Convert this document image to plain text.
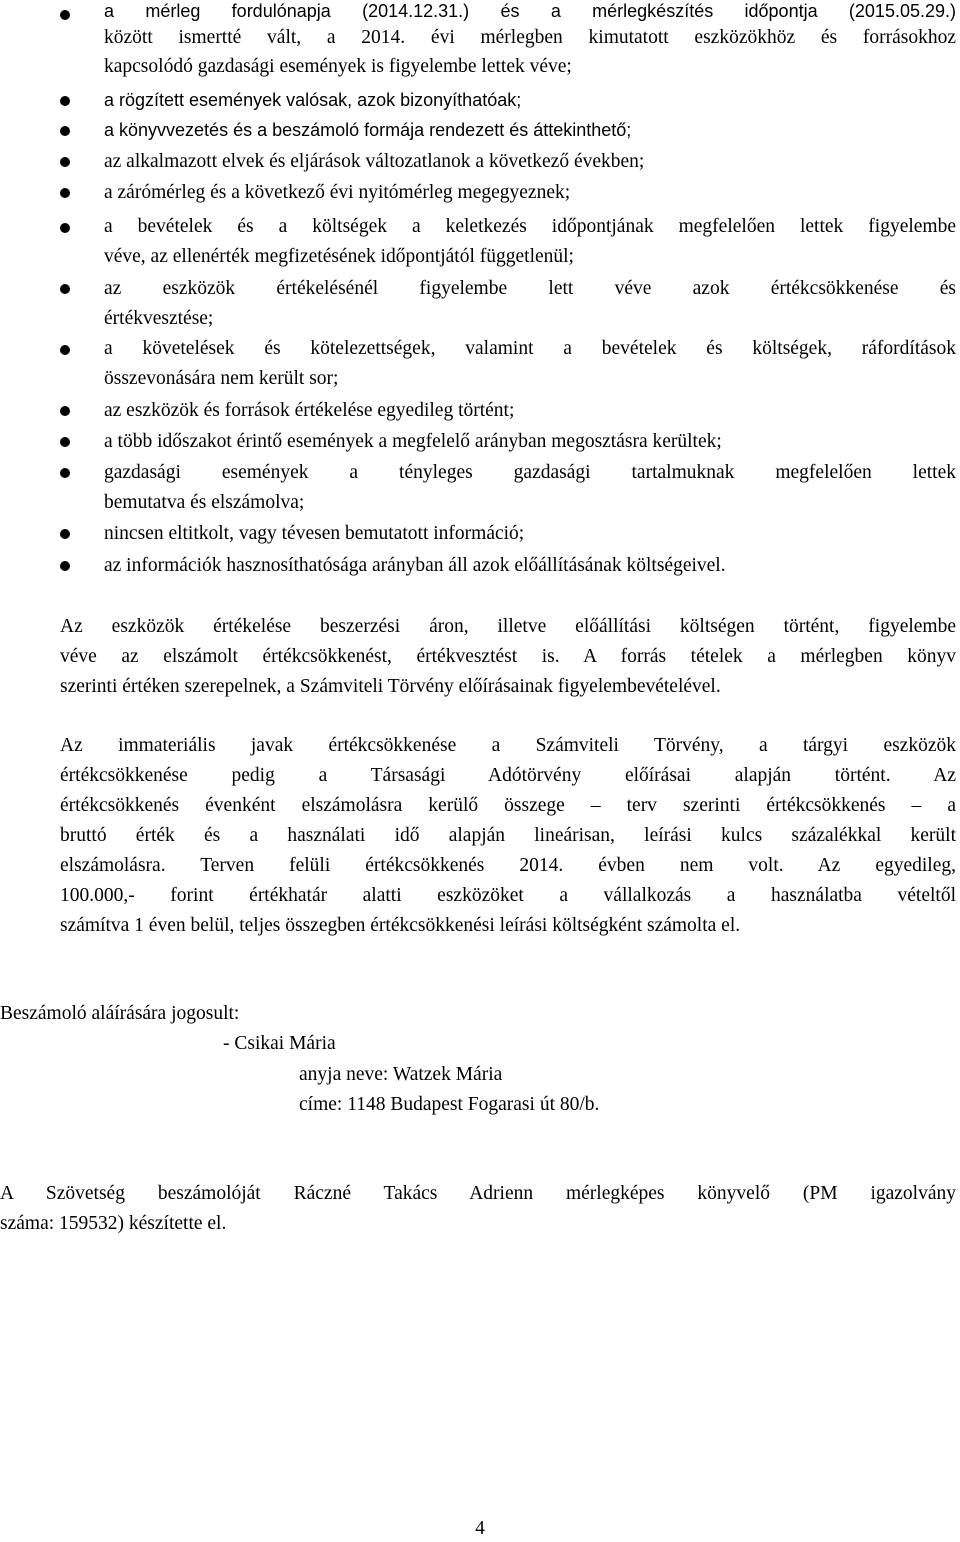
a mérleg fordulónapja (2014.12.31.) és a mérlegkészítés időpontja (2015.05.29.)
között ismertté vált, a 2014. évi mérlegben kimutatott eszközökhöz és forrásokhoz
kapcsolódó gazdasági események is figyelembe lettek véve;
a rögzített események valósak, azok bizonyíthatóak;
a könyvvezetés és a beszámoló formája rendezett és áttekinthető;
az alkalmazott elvek és eljárások változatlanok a következő években;
a zárómérleg és a következő évi nyitómérleg megegyeznek;
a bevételek és a költségek a keletkezés időpontjának megfelelően lettek figyelembe
véve, az ellenérték megfizetésének időpontjától függetlenül;
az eszközök értékelésénél figyelembe lett véve azok értékcsökkenése és
értékvesztése;
a követelések és kötelezettségek, valamint a bevételek és költségek, ráfordítások
összevonására nem került sor;
az eszközök és források értékelése egyedileg történt;
a több időszakot érintő események a megfelelő arányban megosztásra kerültek;
gazdasági események a tényleges gazdasági tartalmuknak megfelelően lettek
bemutatva és elszámolva;
nincsen eltitkolt, vagy tévesen bemutatott információ;
az információk hasznosíthatósága arányban áll azok előállításának költségeivel.
Az eszközök értékelése beszerzési áron, illetve előállítási költségen történt, figyelembe
véve az elszámolt értékcsökkenést, értékvesztést is. A forrás tételek a mérlegben könyv
szerinti értéken szerepelnek, a Számviteli Törvény előírásainak figyelembevételével.
Az immateriális javak értékcsökkenése a Számviteli Törvény, a tárgyi eszközök
értékcsökkenése pedig a Társasági Adótörvény előírásai alapján történt. Az
értékcsökkenés évenként elszámolásra kerülő összege – terv szerinti értékcsökkenés – a
bruttó érték és a használati idő alapján lineárisan, leírási kulcs százalékkal került
elszámolásra. Terven felüli értékcsökkenés 2014. évben nem volt. Az egyedileg,
100.000,- forint értékhatár alatti eszközöket a vállalkozás a használatba vételtől
számítva 1 éven belül, teljes összegben értékcsökkenési leírási költségként számolta el.
Beszámoló aláírására jogosult:
- Csikai Mária
anyja neve: Watzek Mária
címe: 1148 Budapest Fogarasi út 80/b.
A Szövetség beszámolóját Ráczné Takács Adrienn mérlegképes könyvelő (PM igazolvány
száma: 159532) készítette el.
4
